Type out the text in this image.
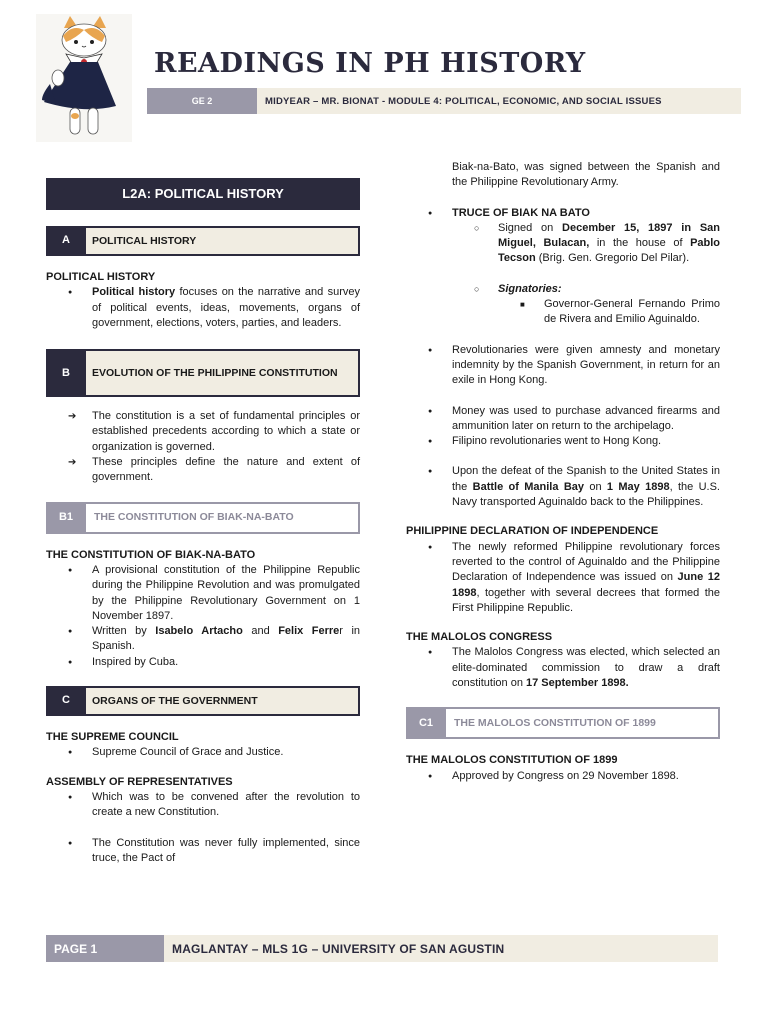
READINGS IN PH HISTORY
GE 2	MIDYEAR – MR. BIONAT - MODULE 4: POLITICAL, ECONOMIC, AND SOCIAL ISSUES
L2A: POLITICAL HISTORY
A	POLITICAL HISTORY
POLITICAL HISTORY
● Political history focuses on the narrative and survey of political events, ideas, movements, organs of government, elections, voters, parties, and leaders.
B	EVOLUTION OF THE PHILIPPINE CONSTITUTION
➔ The constitution is a set of fundamental principles or established precedents according to which a state or organization is governed.
➔ These principles define the nature and extent of government.
B1	THE CONSTITUTION OF BIAK-NA-BATO
THE CONSTITUTION OF BIAK-NA-BATO
● A provisional constitution of the Philippine Republic during the Philippine Revolution and was promulgated by the Philippine Revolutionary Government on 1 November 1897.
● Written by Isabelo Artacho and Felix Ferrer in Spanish.
● Inspired by Cuba.
C	ORGANS OF THE GOVERNMENT
THE SUPREME COUNCIL
● Supreme Council of Grace and Justice.
ASSEMBLY OF REPRESENTATIVES
● Which was to be convened after the revolution to create a new Constitution.
● The Constitution was never fully implemented, since truce, the Pact of
Biak-na-Bato, was signed between the Spanish and the Philippine Revolutionary Army.
● TRUCE OF BIAK NA BATO
○ Signed on December 15, 1897 in San Miguel, Bulacan, in the house of Pablo Tecson (Brig. Gen. Gregorio Del Pilar).
○ Signatories:
■ Governor-General Fernando Primo de Rivera and Emilio Aguinaldo.
● Revolutionaries were given amnesty and monetary indemnity by the Spanish Government, in return for an exile in Hong Kong.
● Money was used to purchase advanced firearms and ammunition later on return to the archipelago.
● Filipino revolutionaries went to Hong Kong.
● Upon the defeat of the Spanish to the United States in the Battle of Manila Bay on 1 May 1898, the U.S. Navy transported Aguinaldo back to the Philippines.
PHILIPPINE DECLARATION OF INDEPENDENCE
● The newly reformed Philippine revolutionary forces reverted to the control of Aguinaldo and the Philippine Declaration of Independence was issued on June 12 1898, together with several decrees that formed the First Philippine Republic.
THE MALOLOS CONGRESS
● The Malolos Congress was elected, which selected an elite-dominated commission to draw a draft constitution on 17 September 1898.
C1	THE MALOLOS CONSTITUTION OF 1899
THE MALOLOS CONSTITUTION OF 1899
● Approved by Congress on 29 November 1898.
PAGE 1	MAGLANTAY – MLS 1G – UNIVERSITY OF SAN AGUSTIN
